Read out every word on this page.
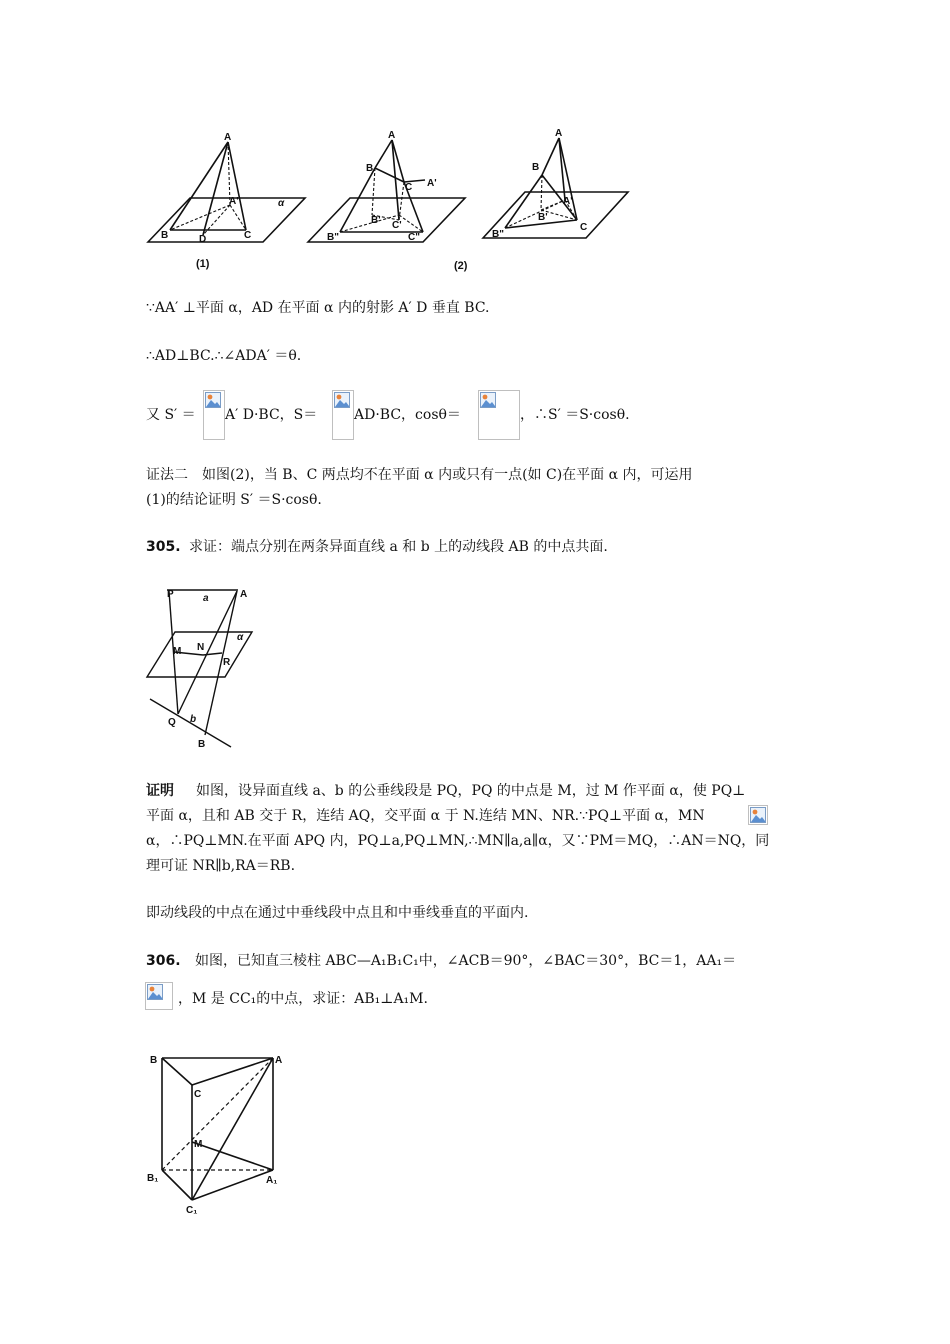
A
B	C
D
A'	α
A
B
C A'
B"
B' C'
C"
A
B
C
A'
B"
B'
(1)	(2)
∵AA′ ⊥平面 α，AD 在平面 α 内的射影 A′ D 垂直 BC.
∴AD⊥BC.∴∠ADA′ ＝θ.
又 S′ ＝ A′ D·BC，S＝	AD·BC，cosθ＝	，∴S′ ＝S·cosθ.
证法二　如图(2)，当 B、C 两点均不在平面 α 内或只有一点(如 C)在平面 α 内，可运用
(1)的结论证明 S′ ＝S·cosθ.
305. 求证：端点分别在两条异面直线 a 和 b 上的动线段 AB 的中点共面.
P	a	A
α
M N
R
Q b
B
证明 如图，设异面直线 a、b 的公垂线段是 PQ，PQ 的中点是 M，过 M 作平面 α，使 PQ⊥
平面 α，且和 AB 交于 R，连结 AQ，交平面 α 于 N.连结 MN、NR.∵PQ⊥平面 α，MN
α，∴PQ⊥MN.在平面 APQ 内，PQ⊥a,PQ⊥MN,∴MN∥a,a∥α，又∵PM＝MQ，∴AN＝NQ，同
理可证 NR∥b,RA＝RB.
即动线段的中点在通过中垂线段中点且和中垂线垂直的平面内.
306. 如图，已知直三棱柱 ABC—A₁B₁C₁中，∠ACB＝90°，∠BAC＝30°，BC＝1，AA₁＝
，M 是 CC₁的中点，求证：AB₁⊥A₁M.
B	A
C
M
B₁	A₁
C₁
